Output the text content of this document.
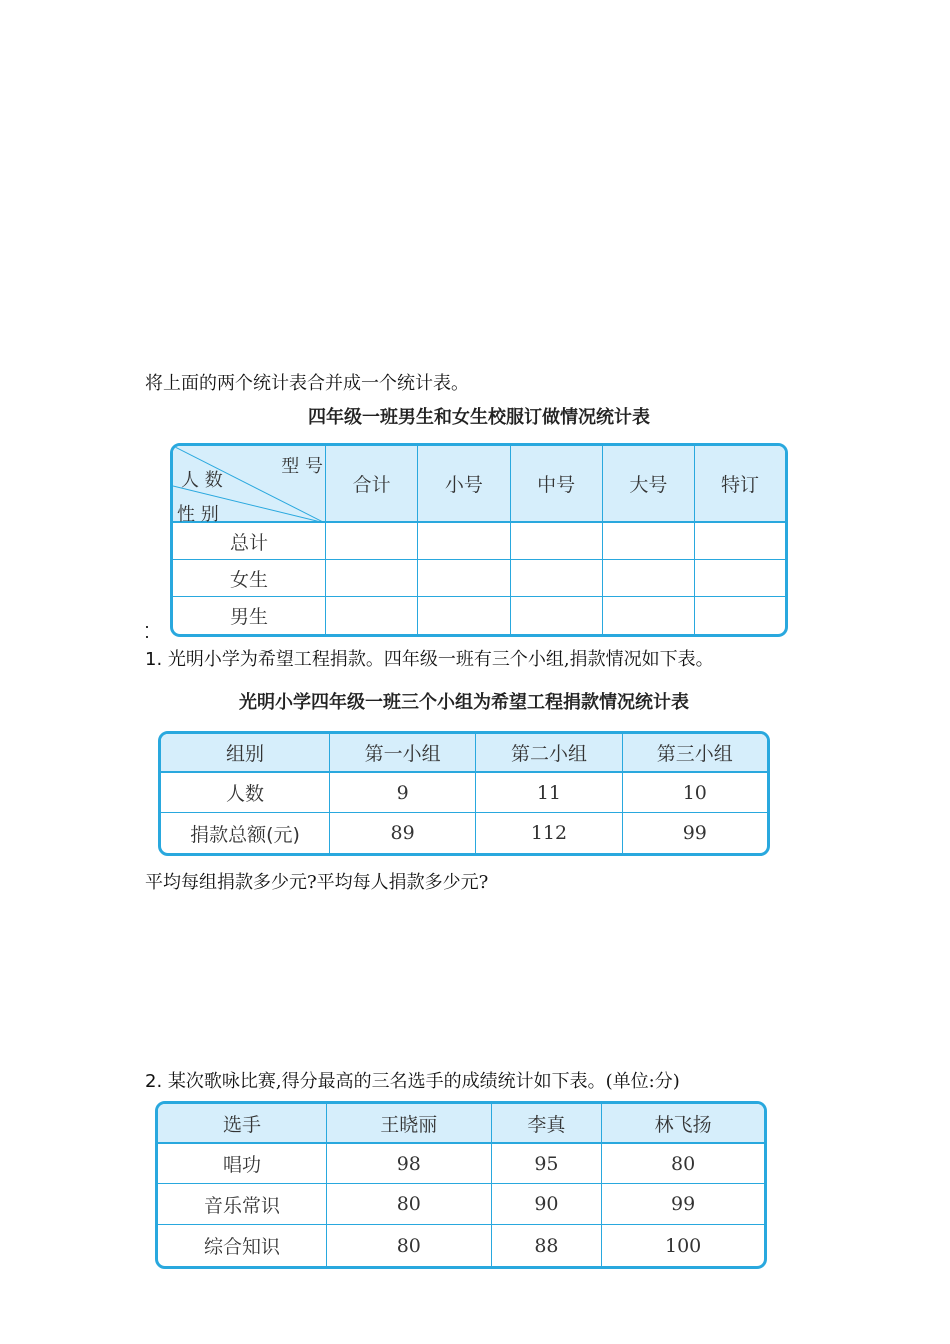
将上面的两个统计表合并成一个统计表。
四年级一班男生和女生校服订做情况统计表
型 号
人 数
性 别	合计	小号	中号	大号	特订
总计					
女生					
男生					
1. 光明小学为希望工程捐款。四年级一班有三个小组,捐款情况如下表。
光明小学四年级一班三个小组为希望工程捐款情况统计表
组别	第一小组	第二小组	第三小组
人数	9	11	10
捐款总额(元)	89	112	99
平均每组捐款多少元?平均每人捐款多少元?
2. 某次歌咏比赛,得分最高的三名选手的成绩统计如下表。(单位:分)
选手	王晓丽	李真	林飞扬
唱功	98	95	80
音乐常识	80	90	99
综合知识	80	88	100
